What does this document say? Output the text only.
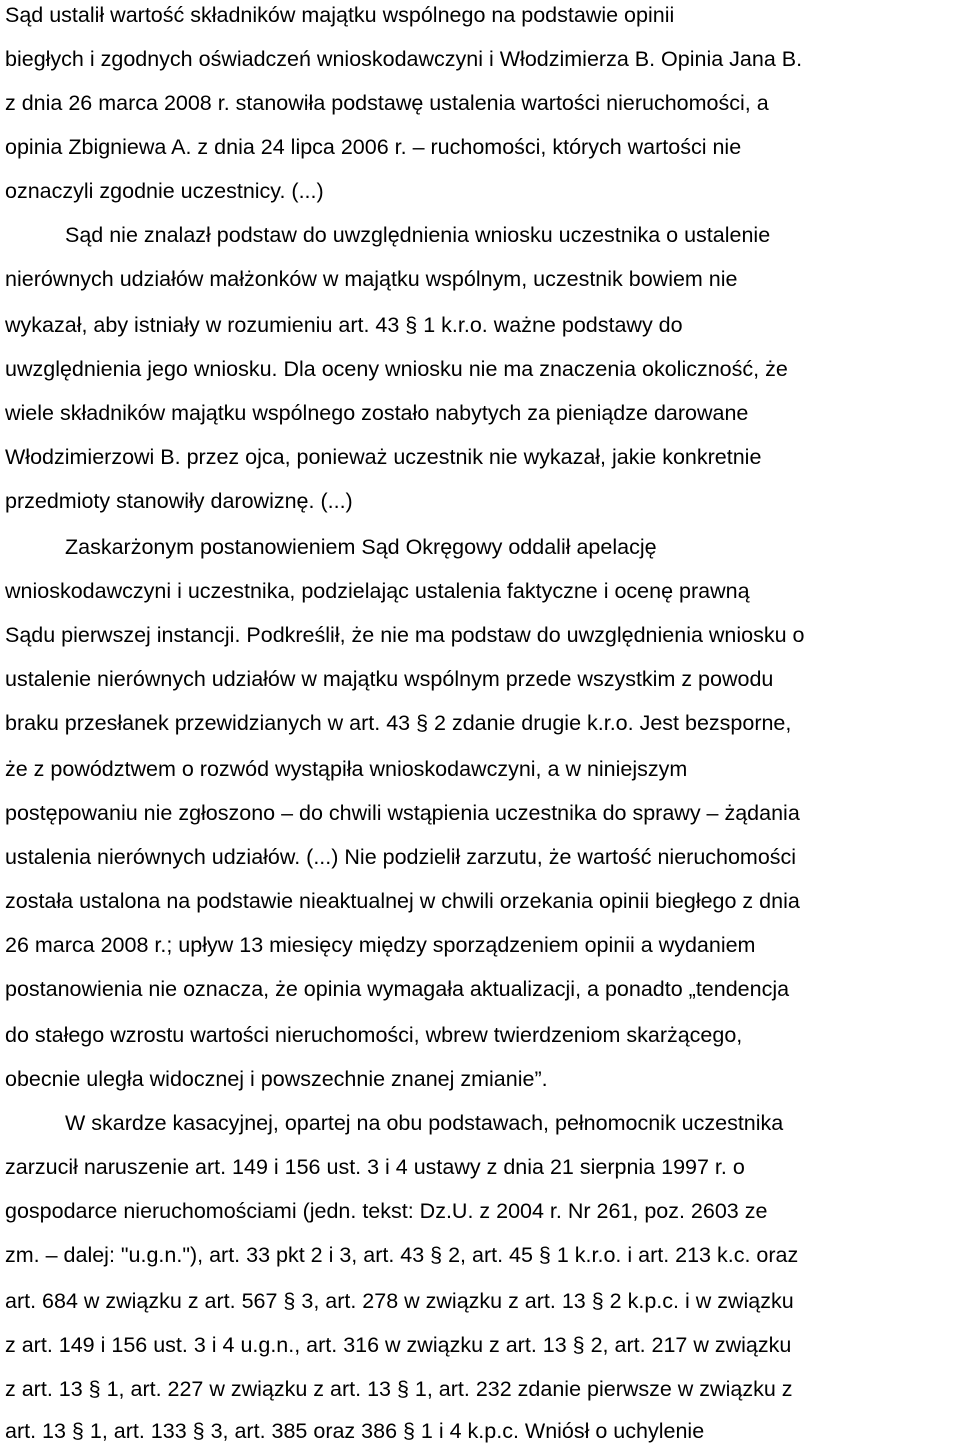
Sąd ustalił wartość składników majątku wspólnego na podstawie opinii
biegłych i zgodnych oświadczeń wnioskodawczyni i Włodzimierza B. Opinia Jana B.
z dnia 26 marca 2008 r. stanowiła podstawę ustalenia wartości nieruchomości, a
opinia Zbigniewa A. z dnia 24 lipca 2006 r. – ruchomości, których wartości nie
oznaczyli zgodnie uczestnicy. (...)
Sąd nie znalazł podstaw do uwzględnienia wniosku uczestnika o ustalenie
nierównych udziałów małżonków w majątku wspólnym, uczestnik bowiem nie
wykazał, aby istniały w rozumieniu art. 43 § 1 k.r.o. ważne podstawy do
uwzględnienia jego wniosku. Dla oceny wniosku nie ma znaczenia okoliczność, że
wiele składników majątku wspólnego zostało nabytych za pieniądze darowane
Włodzimierzowi B. przez ojca, ponieważ uczestnik nie wykazał, jakie konkretnie
przedmioty stanowiły darowiznę. (...)
Zaskarżonym postanowieniem Sąd Okręgowy oddalił apelację
wnioskodawczyni i uczestnika, podzielając ustalenia faktyczne i ocenę prawną
Sądu pierwszej instancji. Podkreślił, że nie ma podstaw do uwzględnienia wniosku o
ustalenie nierównych udziałów w majątku wspólnym przede wszystkim z powodu
braku przesłanek przewidzianych w art. 43 § 2 zdanie drugie k.r.o. Jest bezsporne,
że z powództwem o rozwód wystąpiła wnioskodawczyni, a w niniejszym
postępowaniu nie zgłoszono – do chwili wstąpienia uczestnika do sprawy – żądania
ustalenia nierównych udziałów. (...) Nie podzielił zarzutu, że wartość nieruchomości
została ustalona na podstawie nieaktualnej w chwili orzekania opinii biegłego z dnia
26 marca 2008 r.; upływ 13 miesięcy między sporządzeniem opinii a wydaniem
postanowienia nie oznacza, że opinia wymagała aktualizacji, a ponadto „tendencja
do stałego wzrostu wartości nieruchomości, wbrew twierdzeniom skarżącego,
obecnie uległa widocznej i powszechnie znanej zmianie”.
W skardze kasacyjnej, opartej na obu podstawach, pełnomocnik uczestnika
zarzucił naruszenie art. 149 i 156 ust. 3 i 4 ustawy z dnia 21 sierpnia 1997 r. o
gospodarce nieruchomościami (jedn. tekst: Dz.U. z 2004 r. Nr 261, poz. 2603 ze
zm. – dalej: "u.g.n."), art. 33 pkt 2 i 3, art. 43 § 2, art. 45 § 1 k.r.o. i art. 213 k.c. oraz
art. 684 w związku z art. 567 § 3, art. 278 w związku z art. 13 § 2 k.p.c. i w związku
z art. 149 i 156 ust. 3 i 4 u.g.n., art. 316 w związku z art. 13 § 2, art. 217 w związku
z art. 13 § 1, art. 227 w związku z art. 13 § 1, art. 232 zdanie pierwsze w związku z
art. 13 § 1, art. 133 § 3, art. 385 oraz 386 § 1 i 4 k.p.c. Wniósł o uchylenie
